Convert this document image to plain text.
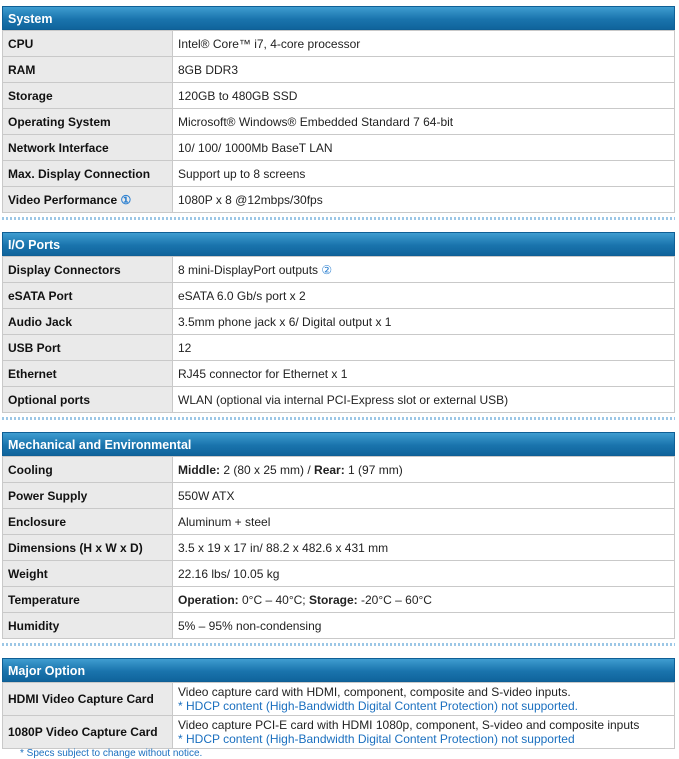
System
CPU	Intel® Core™ i7, 4-core processor
RAM	8GB DDR3
Storage	120GB to 480GB SSD
Operating System	Microsoft® Windows® Embedded Standard 7 64-bit
Network Interface	10/ 100/ 1000Mb BaseT LAN
Max. Display Connection	Support up to 8 screens
Video Performance ①	1080P x 8 @12mbps/30fps
I/O Ports
Display Connectors	8 mini-DisplayPort outputs ②
eSATA Port	eSATA 6.0 Gb/s port x 2
Audio Jack	3.5mm phone jack x 6/ Digital output x 1
USB Port	12
Ethernet	RJ45 connector for Ethernet x 1
Optional ports	WLAN (optional via internal PCI-Express slot or external USB)
Mechanical and Environmental
Cooling	Middle: 2 (80 x 25 mm) / Rear: 1 (97 mm)
Power Supply	550W ATX
Enclosure	Aluminum + steel
Dimensions (H x W x D)	3.5 x 19 x 17 in/ 88.2 x 482.6 x 431 mm
Weight	22.16 lbs/ 10.05 kg
Temperature	Operation: 0°C – 40°C; Storage: -20°C – 60°C
Humidity	5% – 95% non-condensing
Major Option
HDMI Video Capture Card	Video capture card with HDMI, component, composite and S-video inputs.
* HDCP content (High-Bandwidth Digital Content Protection) not supported.

1080P Video Capture Card	Video capture PCI-E card with HDMI 1080p, component, S-video and composite inputs
* HDCP content (High-Bandwidth Digital Content Protection) not supported
* Specs subject to change without notice.
